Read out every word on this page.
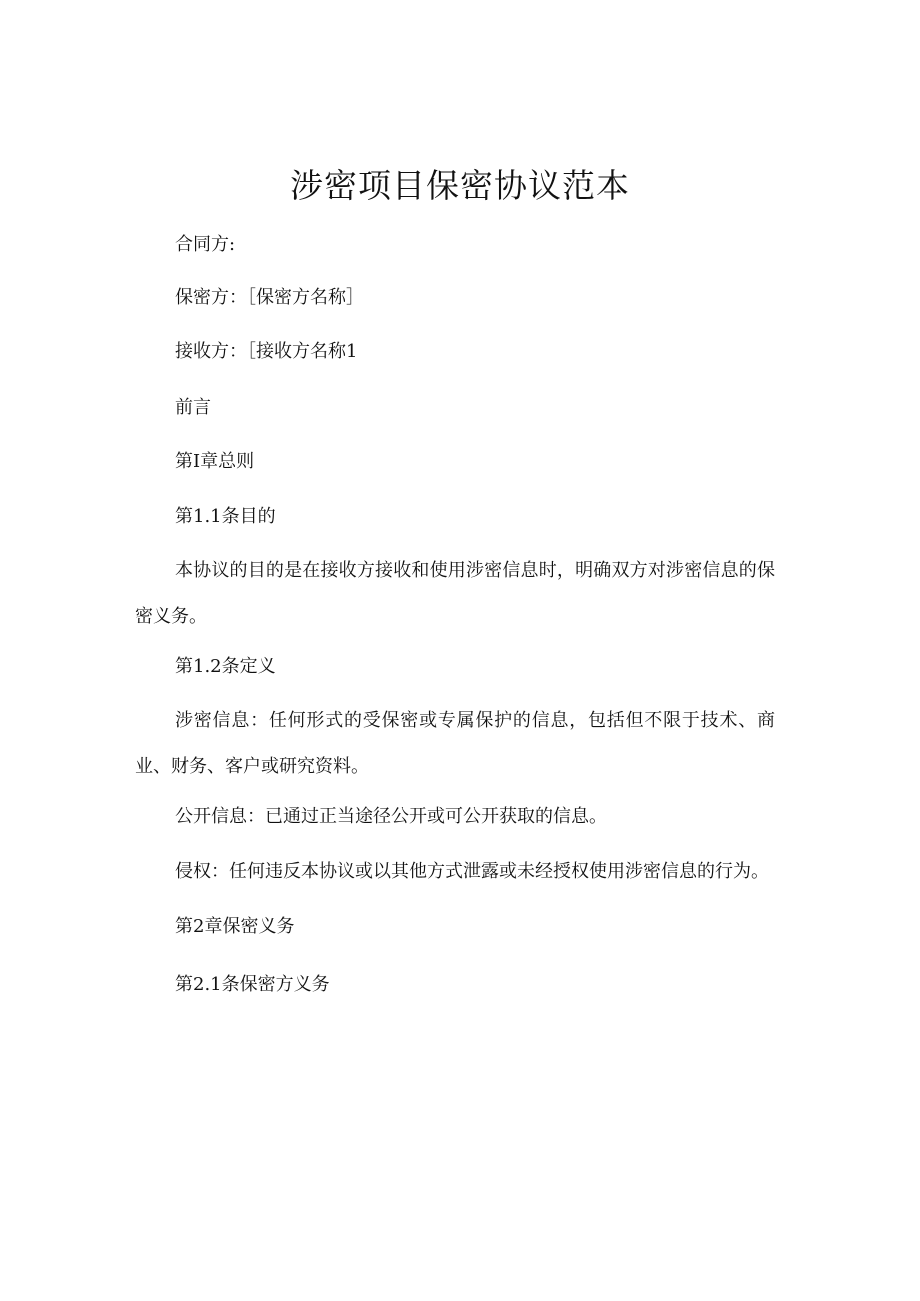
涉密项目保密协议范本

合同方:

保密方：［保密方名称］

接收方：［接收方名称1

前言

第I章总则

第1.1条目的

本协议的目的是在接收方接收和使用涉密信息时，明确双方对涉密信息的保密义务。

第1.2条定义

涉密信息：任何形式的受保密或专属保护的信息，包括但不限于技术、商业、财务、客户或研究资料。

公开信息：已通过正当途径公开或可公开获取的信息。

侵权：任何违反本协议或以其他方式泄露或未经授权使用涉密信息的行为。

第2章保密义务

第2.1条保密方义务
